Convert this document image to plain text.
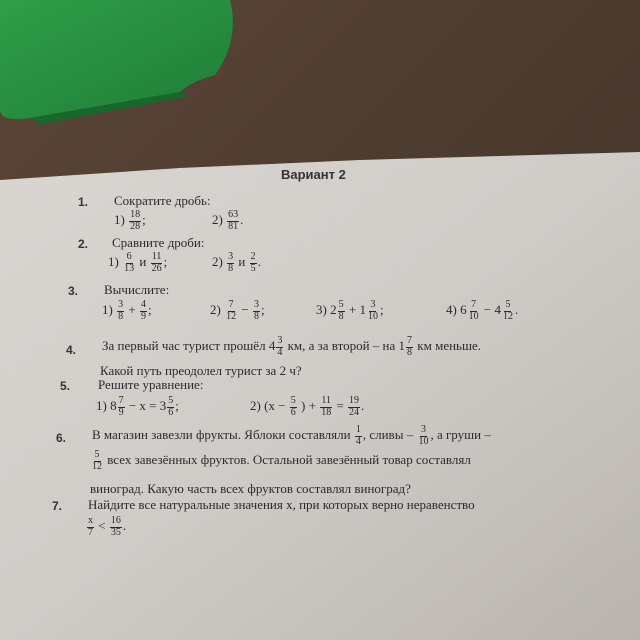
Вариант 2
1. Сократите дробь:
$1) \frac{18}{28}$ ;	$2) \frac{63}{81}$ .
2. Сравните дроби:
$1) \frac{6}{13}$ и $\frac{11}{26}$ ;	$2) \frac{3}{8}$ и $\frac{2}{5}$ .
3. Вычислите:
$1) \frac{3}{8} + \frac{4}{9}$ ;	$2) \frac{7}{12} - \frac{3}{8}$ ;	3) $2 \frac{5}{8} + 1 \frac{3}{10}$ ;	4) $6 \frac{7}{10} - 4 \frac{5}{12}$ .
4. За первый час турист прошёл $4 \frac{3}{4}$ км, а за второй – на $1 \frac{7}{8}$ км меньше.
Какой путь преодолел турист за 2 ч?
5. Решите уравнение:
1) $8 \frac{7}{9} - x = 3 \frac{5}{6}$ ;	2) ($x - \frac{5}{6}$ ) + $\frac{11}{18} = \frac{19}{24}$ .
6. В магазин завезли фрукты. Яблоки составляли $\frac{1}{4}$ , сливы – $\frac{3}{10}$ , а груши –
$\frac{5}{12}$ всех завезённых фруктов. Остальной завезённый товар составлял
виноград. Какую часть всех фруктов составлял виноград?
7. Найдите все натуральные значения x, при которых верно неравенство
$\frac{x}{7} < \frac{16}{35}$ .
